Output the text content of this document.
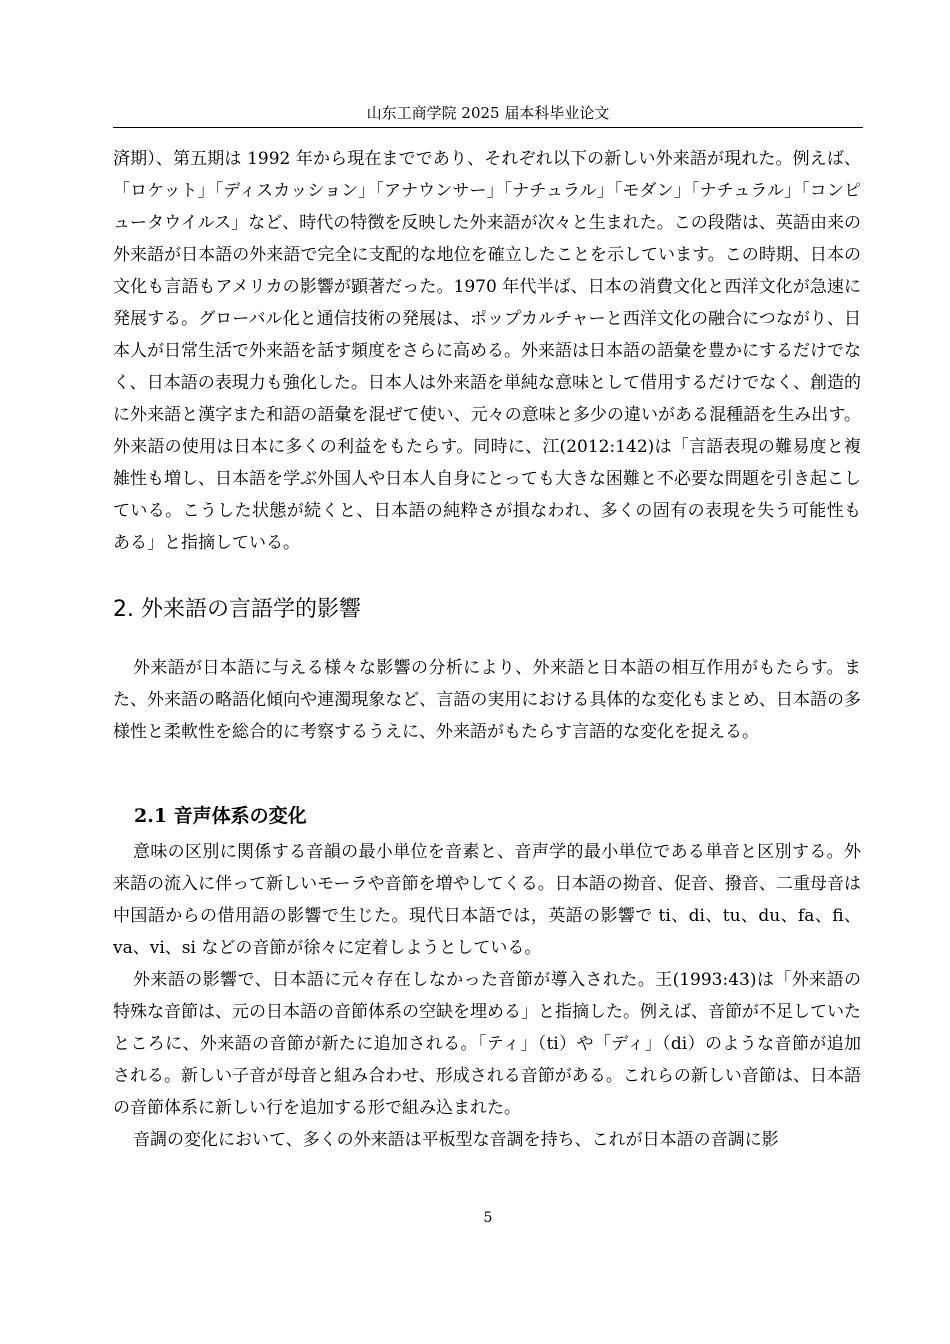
山东工商学院 2025 届本科毕业论文

済期）、第五期は 1992 年から現在までであり、それぞれ以下の新しい外来語が現れた。例えば、「ロケット」「ディスカッション」「アナウンサー」「ナチュラル」「モダン」「ナチュラル」「コンピュータウイルス」など、時代の特徴を反映した外来語が次々と生まれた。この段階は、英語由来の外来語が日本語の外来語で完全に支配的な地位を確立したことを示しています。この時期、日本の文化も言語もアメリカの影響が顕著だった。1970 年代半ば、日本の消費文化と西洋文化が急速に発展する。グローバル化と通信技術の発展は、ポップカルチャーと西洋文化の融合につながり、日本人が日常生活で外来語を話す頻度をさらに高める。外来語は日本語の語彙を豊かにするだけでなく、日本語の表現力も強化した。日本人は外来語を単純な意味として借用するだけでなく、創造的に外来語と漢字また和語の語彙を混ぜて使い、元々の意味と多少の違いがある混種語を生み出す。外来語の使用は日本に多くの利益をもたらす。同時に、江(2012:142)は「言語表現の難易度と複雑性も増し、日本語を学ぶ外国人や日本人自身にとっても大きな困難と不必要な問題を引き起こしている。こうした状態が続くと、日本語の純粋さが損なわれ、多くの固有の表現を失う可能性もある」と指摘している。

2. 外来語の言語学的影響

外来語が日本語に与える様々な影響の分析により、外来語と日本語の相互作用がもたらす。また、外来語の略語化傾向や連濁現象など、言語の実用における具体的な変化もまとめ、日本語の多様性と柔軟性を総合的に考察するうえに、外来語がもたらす言語的な変化を捉える。

2.1 音声体系の変化

意味の区別に関係する音韻の最小単位を音素と、音声学的最小単位である単音と区別する。外来語の流入に伴って新しいモーラや音節を増やしてくる。日本語の拗音、促音、撥音、二重母音は中国語からの借用語の影響で生じた。現代日本語では，英語の影響で ti、di、tu、du、fa、fi、va、vi、si などの音節が徐々に定着しようとしている。

外来語の影響で、日本語に元々存在しなかった音節が導入された。王(1993:43)は「外来語の特殊な音節は、元の日本語の音節体系の空缺を埋める」と指摘した。例えば、音節が不足していたところに、外来語の音節が新たに追加される。「ティ」（ti）や「ディ」（di）のような音節が追加される。新しい子音が母音と組み合わせ、形成される音節がある。これらの新しい音節は、日本語の音節体系に新しい行を追加する形で組み込まれた。

音調の変化において、多くの外来語は平板型な音調を持ち、これが日本語の音調に影

5
